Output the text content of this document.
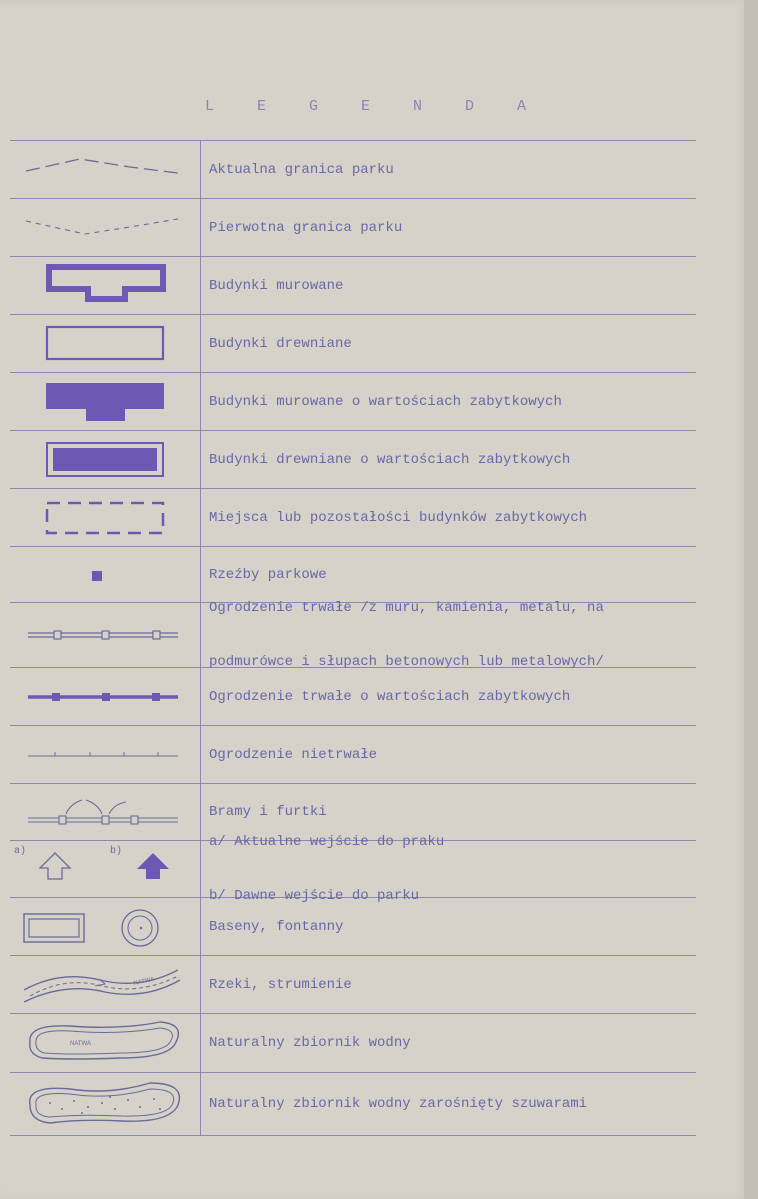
L E G E N D A
Aktualna granica parku
Pierwotna granica parku
Budynki murowane
Budynki drewniane
Budynki murowane o wartościach zabytkowych
Budynki drewniane o wartościach zabytkowych
Miejsca lub pozostałości budynków zabytkowych
Rzeźby parkowe

Ogrodzenie trwałe /z muru, kamienia, metalu, na

podmurówce i słupach betonowych lub metalowych/

Ogrodzenie trwałe o wartościach zabytkowych
Ogrodzenie nietrwałe
Bramy i furtki
a)	b)

a/ Aktualne wejście do praku

b/ Dawne wejście do parku

Baseny, fontanny
NATWA	Rzeki, strumienie
NATWA	Naturalny zbiornik wodny
Naturalny zbiornik wodny zarośnięty szuwarami
